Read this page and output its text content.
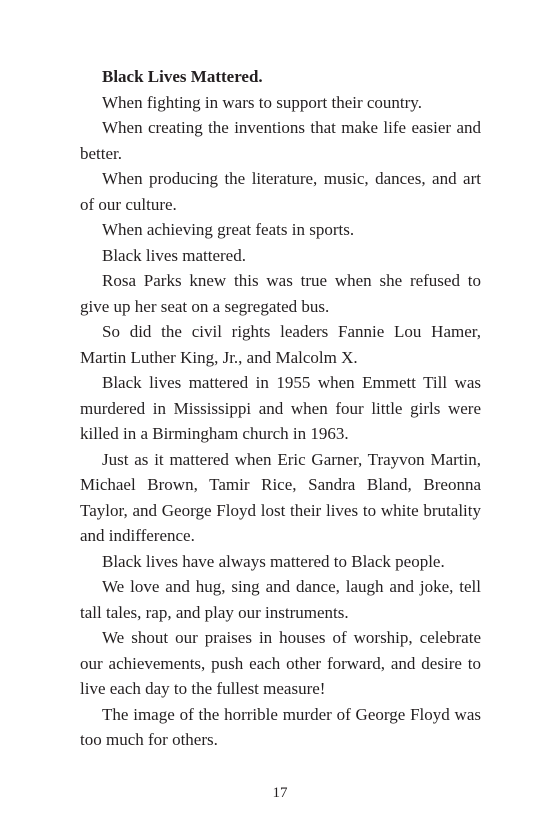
Black Lives Mattered.

When fighting in wars to support their country.

When creating the inventions that make life easier and better.

When producing the literature, music, dances, and art of our culture.

When achieving great feats in sports.

Black lives mattered.

Rosa Parks knew this was true when she refused to give up her seat on a segregated bus.

So did the civil rights leaders Fannie Lou Hamer, Martin Luther King, Jr., and Malcolm X.

Black lives mattered in 1955 when Emmett Till was murdered in Mississippi and when four little girls were killed in a Birmingham church in 1963.

Just as it mattered when Eric Garner, Trayvon Martin, Michael Brown, Tamir Rice, Sandra Bland, Breonna Taylor, and George Floyd lost their lives to white brutality and indifference.

Black lives have always mattered to Black people.

We love and hug, sing and dance, laugh and joke, tell tall tales, rap, and play our instruments.

We shout our praises in houses of worship, celebrate our achievements, push each other forward, and desire to live each day to the fullest measure!

The image of the horrible murder of George Floyd was too much for others.

17
